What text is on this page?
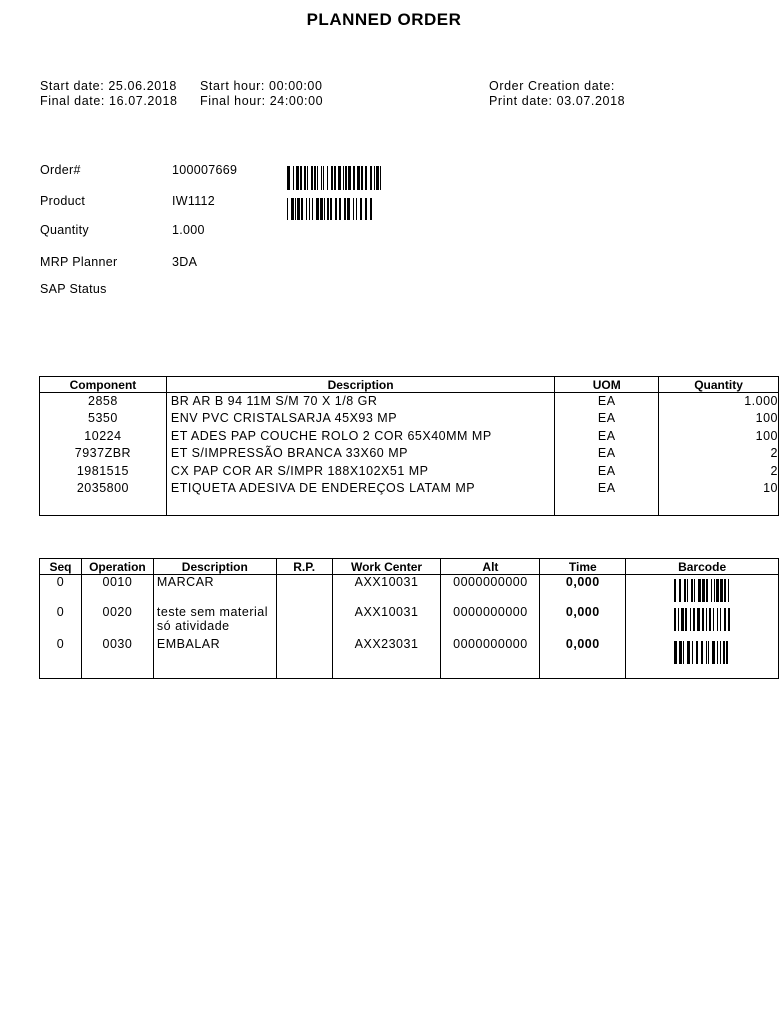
PLANNED ORDER
Start date: 25.06.2018 Start hour: 00:00:00
Final date: 16.07.2018 Final hour: 24:00:00
Order Creation date:
Print date: 03.07.2018
Order#	100007669
Product	IW1112
Quantity	1.000
MRP Planner	3DA
SAP Status
Component	Description	UOM	Quantity
2858	BR AR B 94 11M S/M 70 X 1/8 GR	EA	1.000
5350	ENV PVC CRISTALSARJA 45X93 MP	EA	100
10224	ET ADES PAP COUCHE ROLO 2 COR 65X40MM MP	EA	100
7937ZBR	ET S/IMPRESSÃO BRANCA 33X60 MP	EA	2
1981515	CX PAP COR AR S/IMPR 188X102X51 MP	EA	2
2035800	ETIQUETA ADESIVA DE ENDEREÇOS LATAM MP	EA	10

Seq	Operation	Description	R.P.	Work Center	Alt	Time	Barcode
0	0010	MARCAR		AXX10031	0000000000	0,000	

0	0020	teste sem material
só atividade		AXX10031	0000000000	0,000	

0	0030	EMBALAR		AXX23031	0000000000	0,000	
